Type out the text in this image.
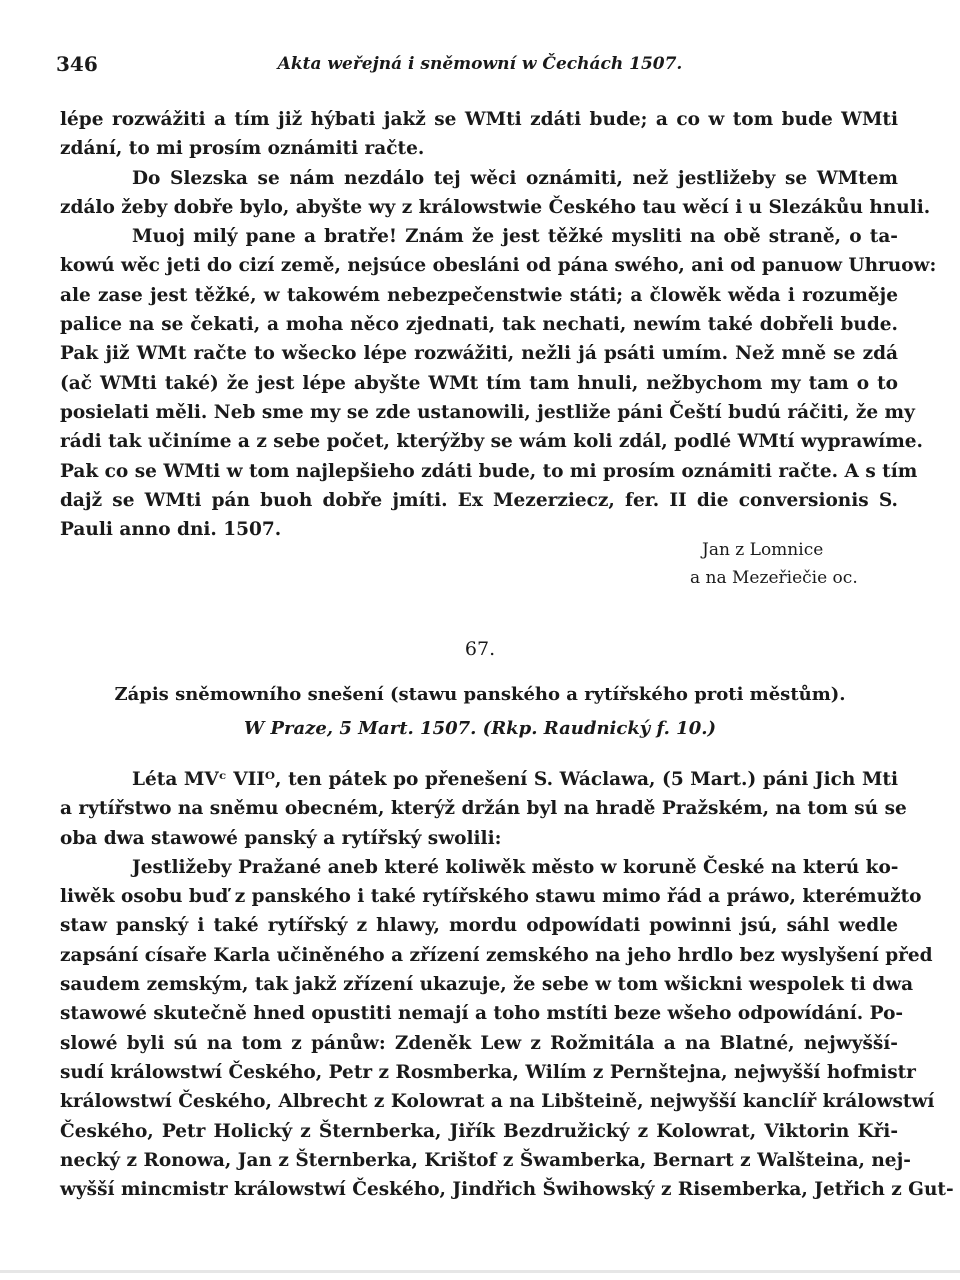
346	Akta weřejná i sněmowní w Čechách 1507.
lépe rozwážiti a tím již hýbati jakž se WMti zdáti bude; a co w tom bude WMti
zdání, to mi prosím oznámiti račte.
Do Slezska se nám nezdálo tej wěci oznámiti, než jestližeby se WMtem
zdálo žeby dobře bylo, abyšte wy z králowstwie Českého tau wěcí i u Slezákůu hnuli.
Muoj milý pane a bratře! Znám že jest těžké mysliti na obě straně, o ta-
kowú wěc jeti do cizí země, nejsúce obesláni od pána swého, ani od panuow Uhruow:
ale zase jest těžké, w takowém nebezpečenstwie státi; a člowěk wěda i rozuměje
palice na se čekati, a moha něco zjednati, tak nechati, newím také dobřeli bude.
Pak již WMt račte to wšecko lépe rozwážiti, nežli já psáti umím. Než mně se zdá
(ač WMti také) že jest lépe abyšte WMt tím tam hnuli, nežbychom my tam o to
posielati měli. Neb sme my se zde ustanowili, jestliže páni Čeští budú ráčiti, že my
rádi tak učiníme a z sebe počet, kterýžby se wám koli zdál, podlé WMtí wyprawíme.
Pak co se WMti w tom najlepšieho zdáti bude, to mi prosím oznámiti račte. A s tím
dajž se WMti pán buoh dobře jmíti. Ex Mezerziecz, fer. II die conversionis S.
Pauli anno dni. 1507.
Jan z Lomnice
a na Mezeřiečie oc.
67.
Zápis sněmowního snešení (stawu panského a rytířského proti městům).
W Praze, 5 Mart. 1507. (Rkp. Raudnický f. 10.)
Léta MVᶜ VIIᴼ, ten pátek po přenešení S. Wáclawa, (5 Mart.) páni Jich Mti
a rytířstwo na sněmu obecném, kterýž držán byl na hradě Pražském, na tom sú se
oba dwa stawowé panský a rytířský swolili:
Jestližeby Pražané aneb které koliwěk město w koruně České na kterú ko-
liwěk osobu buď z panského i také rytířského stawu mimo řád a práwo, kterémužto
staw panský i také rytířský z hlawy, mordu odpowídati powinni jsú, sáhl wedle
zapsání císaře Karla učiněného a zřízení zemského na jeho hrdlo bez wyslyšení před
saudem zemským, tak jakž zřízení ukazuje, že sebe w tom wšickni wespolek ti dwa
stawowé skutečně hned opustiti nemají a toho mstíti beze wšeho odpowídání. Po-
slowé byli sú na tom z pánůw: Zdeněk Lew z Rožmitála a na Blatné, nejwyšší-
sudí králowstwí Českého, Petr z Rosmberka, Wilím z Pernštejna, nejwyšší hofmistr
králowstwí Českého, Albrecht z Kolowrat a na Libšteině, nejwyšší kanclíř králowstwí
Českého, Petr Holický z Šternberka, Jiřík Bezdružický z Kolowrat, Viktorin Kři-
necký z Ronowa, Jan z Šternberka, Krištof z Šwamberka, Bernart z Walšteina, nej-
wyšší mincmistr králowstwí Českého, Jindřich Šwihowský z Risemberka, Jetřich z Gut-
